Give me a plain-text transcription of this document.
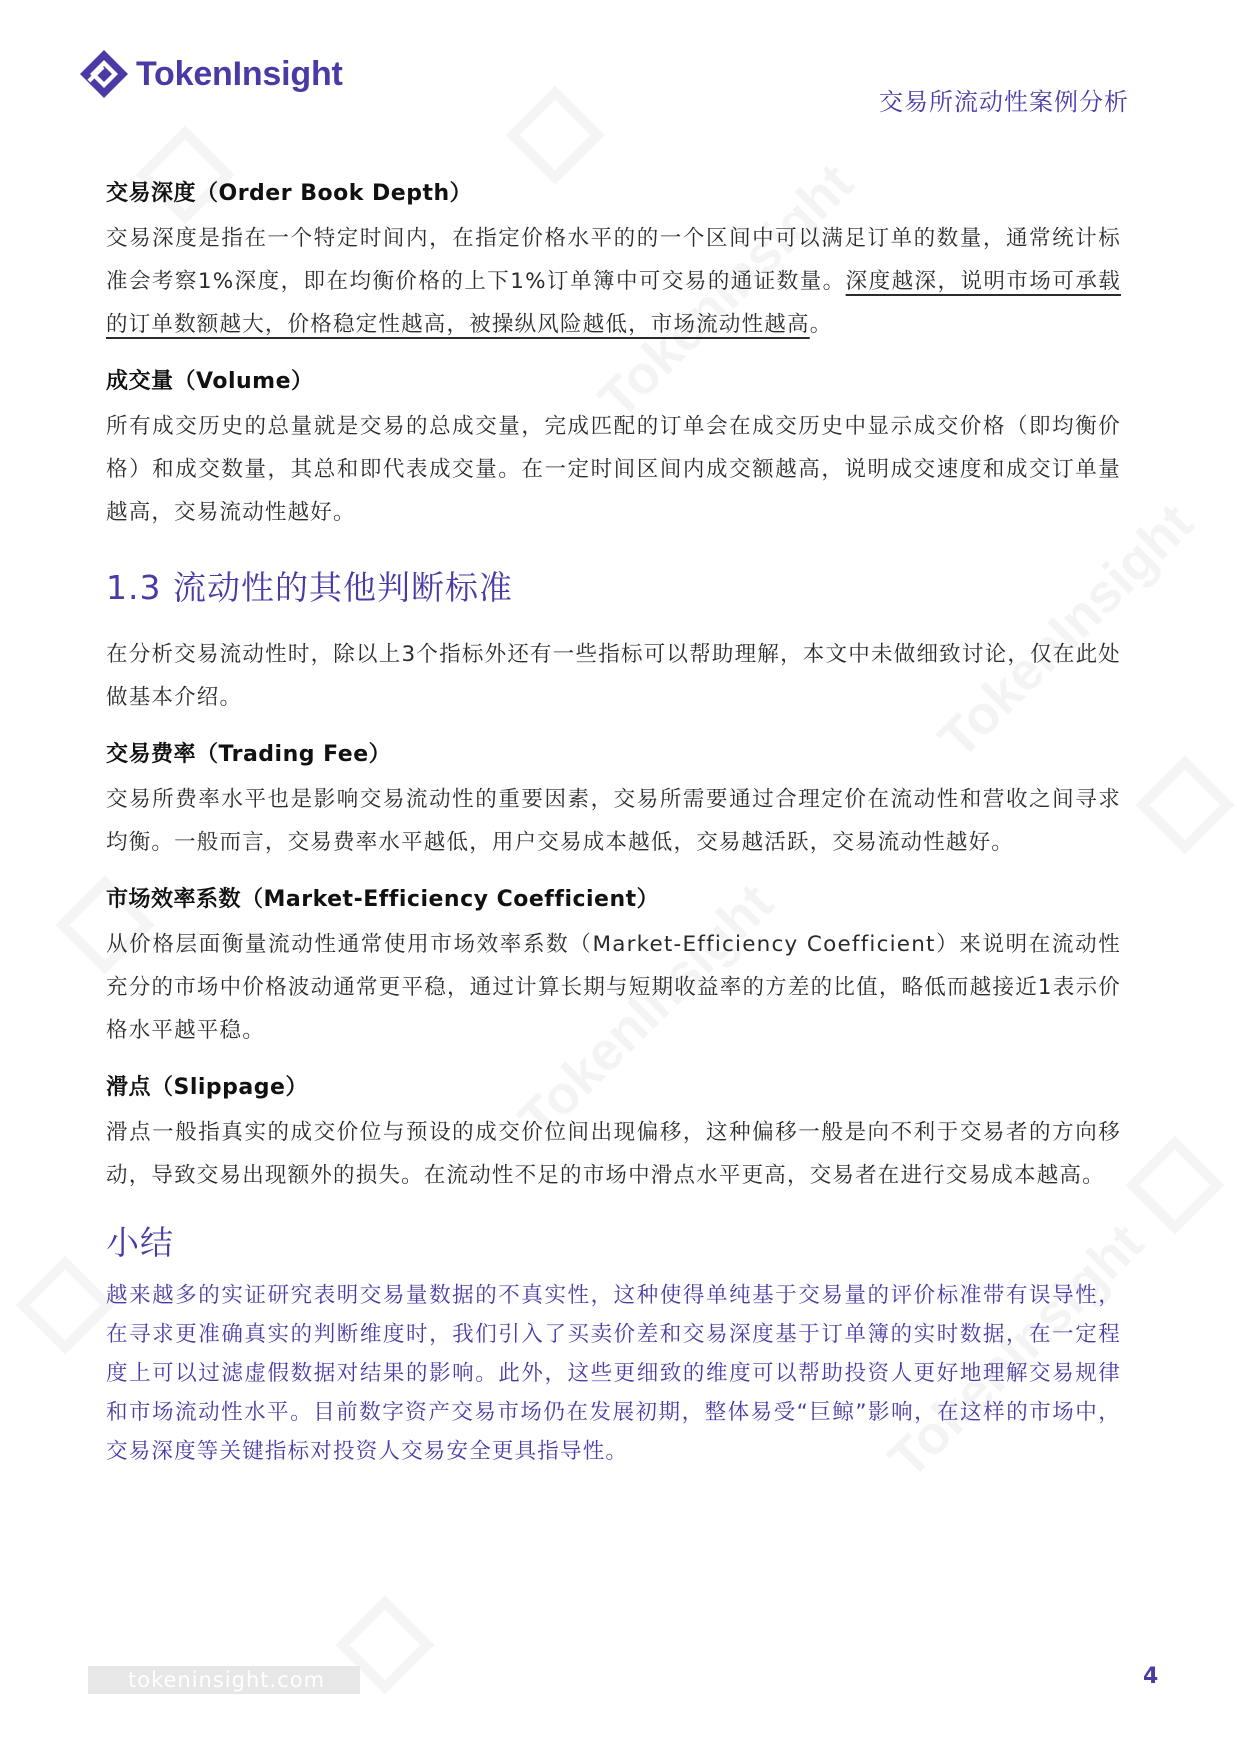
TokenInsight
交易所流动性案例分析
交易深度（Order Book Depth）

交易深度是指在一个特定时间内，在指定价格水平的的一个区间中可以满足订单的数量，通常统计标准会考察1%深度，即在均衡价格的上下1%订单簿中可交易的通证数量。深度越深，说明市场可承载的订单数额越大，价格稳定性越高，被操纵风险越低，市场流动性越高。

成交量（Volume）

所有成交历史的总量就是交易的总成交量，完成匹配的订单会在成交历史中显示成交价格（即均衡价格）和成交数量，其总和即代表成交量。在一定时间区间内成交额越高，说明成交速度和成交订单量越高，交易流动性越好。

1.3 流动性的其他判断标准

在分析交易流动性时，除以上3个指标外还有一些指标可以帮助理解，本文中未做细致讨论，仅在此处做基本介绍。

交易费率（Trading Fee）

交易所费率水平也是影响交易流动性的重要因素，交易所需要通过合理定价在流动性和营收之间寻求均衡。一般而言，交易费率水平越低，用户交易成本越低，交易越活跃，交易流动性越好。

市场效率系数（Market-Efficiency Coefficient）

从价格层面衡量流动性通常使用市场效率系数（Market-Efficiency Coefficient）来说明在流动性充分的市场中价格波动通常更平稳，通过计算长期与短期收益率的方差的比值，略低而越接近1表示价格水平越平稳。

滑点（Slippage）

滑点一般指真实的成交价位与预设的成交价位间出现偏移，这种偏移一般是向不利于交易者的方向移动，导致交易出现额外的损失。在流动性不足的市场中滑点水平更高，交易者在进行交易成本越高。

小结

越来越多的实证研究表明交易量数据的不真实性，这种使得单纯基于交易量的评价标准带有误导性，在寻求更准确真实的判断维度时，我们引入了买卖价差和交易深度基于订单簿的实时数据，在一定程度上可以过滤虚假数据对结果的影响。此外，这些更细致的维度可以帮助投资人更好地理解交易规律和市场流动性水平。目前数字资产交易市场仍在发展初期，整体易受“巨鲸”影响，在这样的市场中，交易深度等关键指标对投资人交易安全更具指导性。

tokeninsight.com	4
